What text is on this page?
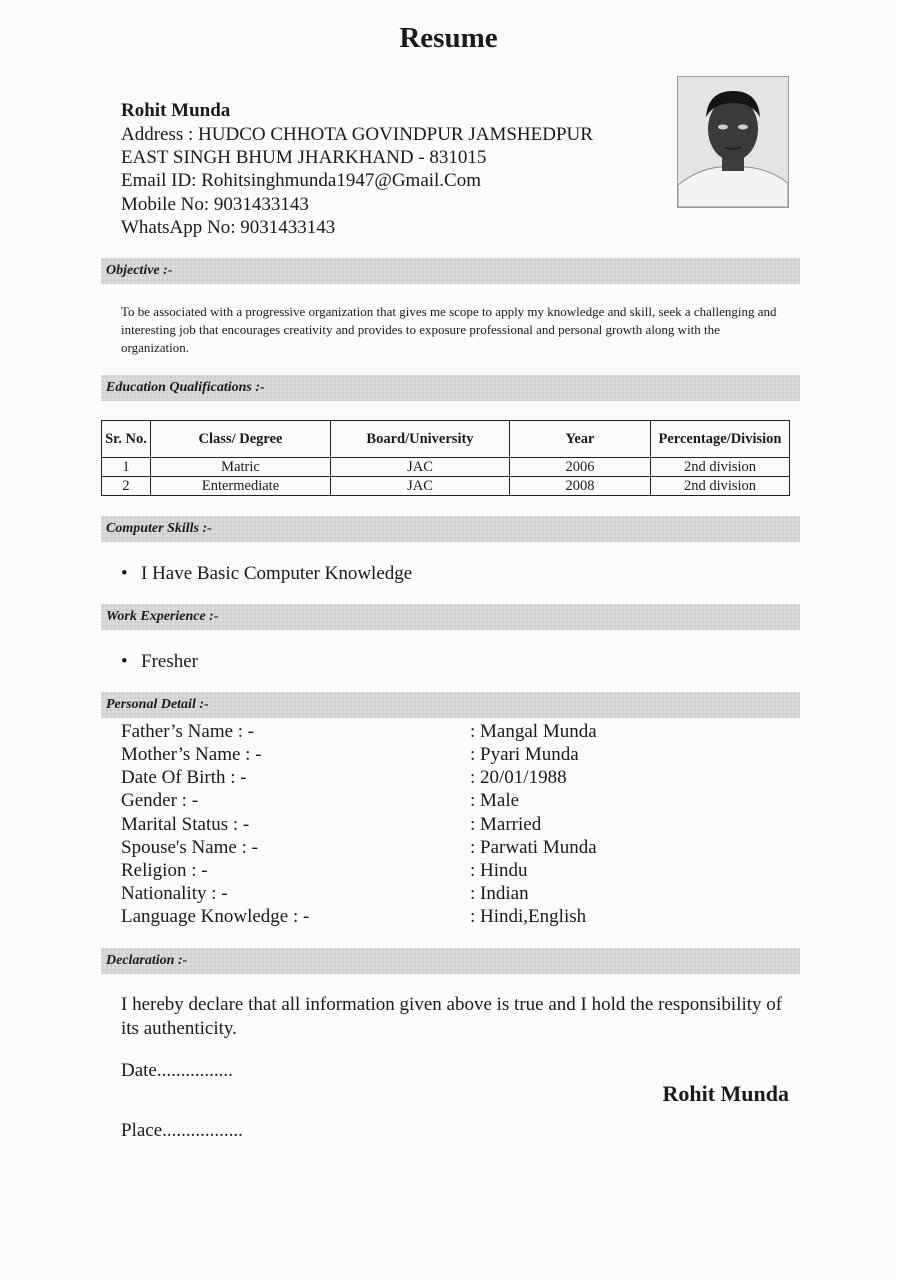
Resume
Rohit Munda
Address : HUDCO CHHOTA GOVINDPUR JAMSHEDPUR
EAST SINGH BHUM JHARKHAND - 831015
Email ID: Rohitsinghmunda1947@Gmail.Com
Mobile No: 9031433143
WhatsApp No: 9031433143
Objective :-
To be associated with a progressive organization that gives me scope to apply my knowledge and skill, seek a challenging and interesting job that encourages creativity and provides to exposure professional and personal growth along with the organization.
Education Qualifications :-
Sr. No.	Class/ Degree	Board/University	Year	Percentage/Division
1	Matric	JAC	2006	2nd division
2	Entermediate	JAC	2008	2nd division
Computer Skills :-
• I Have Basic Computer Knowledge
Work Experience :-
• Fresher
Personal Detail :-
Father’s Name : -	: Mangal Munda
Mother’s Name : -	: Pyari Munda
Date Of Birth : -	: 20/01/1988
Gender : -	: Male
Marital Status : -	: Married
Spouse's Name : -	: Parwati Munda
Religion : -	: Hindu
Nationality : -	: Indian
Language Knowledge : -	: Hindi,English
Declaration :-
I hereby declare that all information given above is true and I hold the responsibility of its authenticity.
Date................
Rohit Munda
Place.................
